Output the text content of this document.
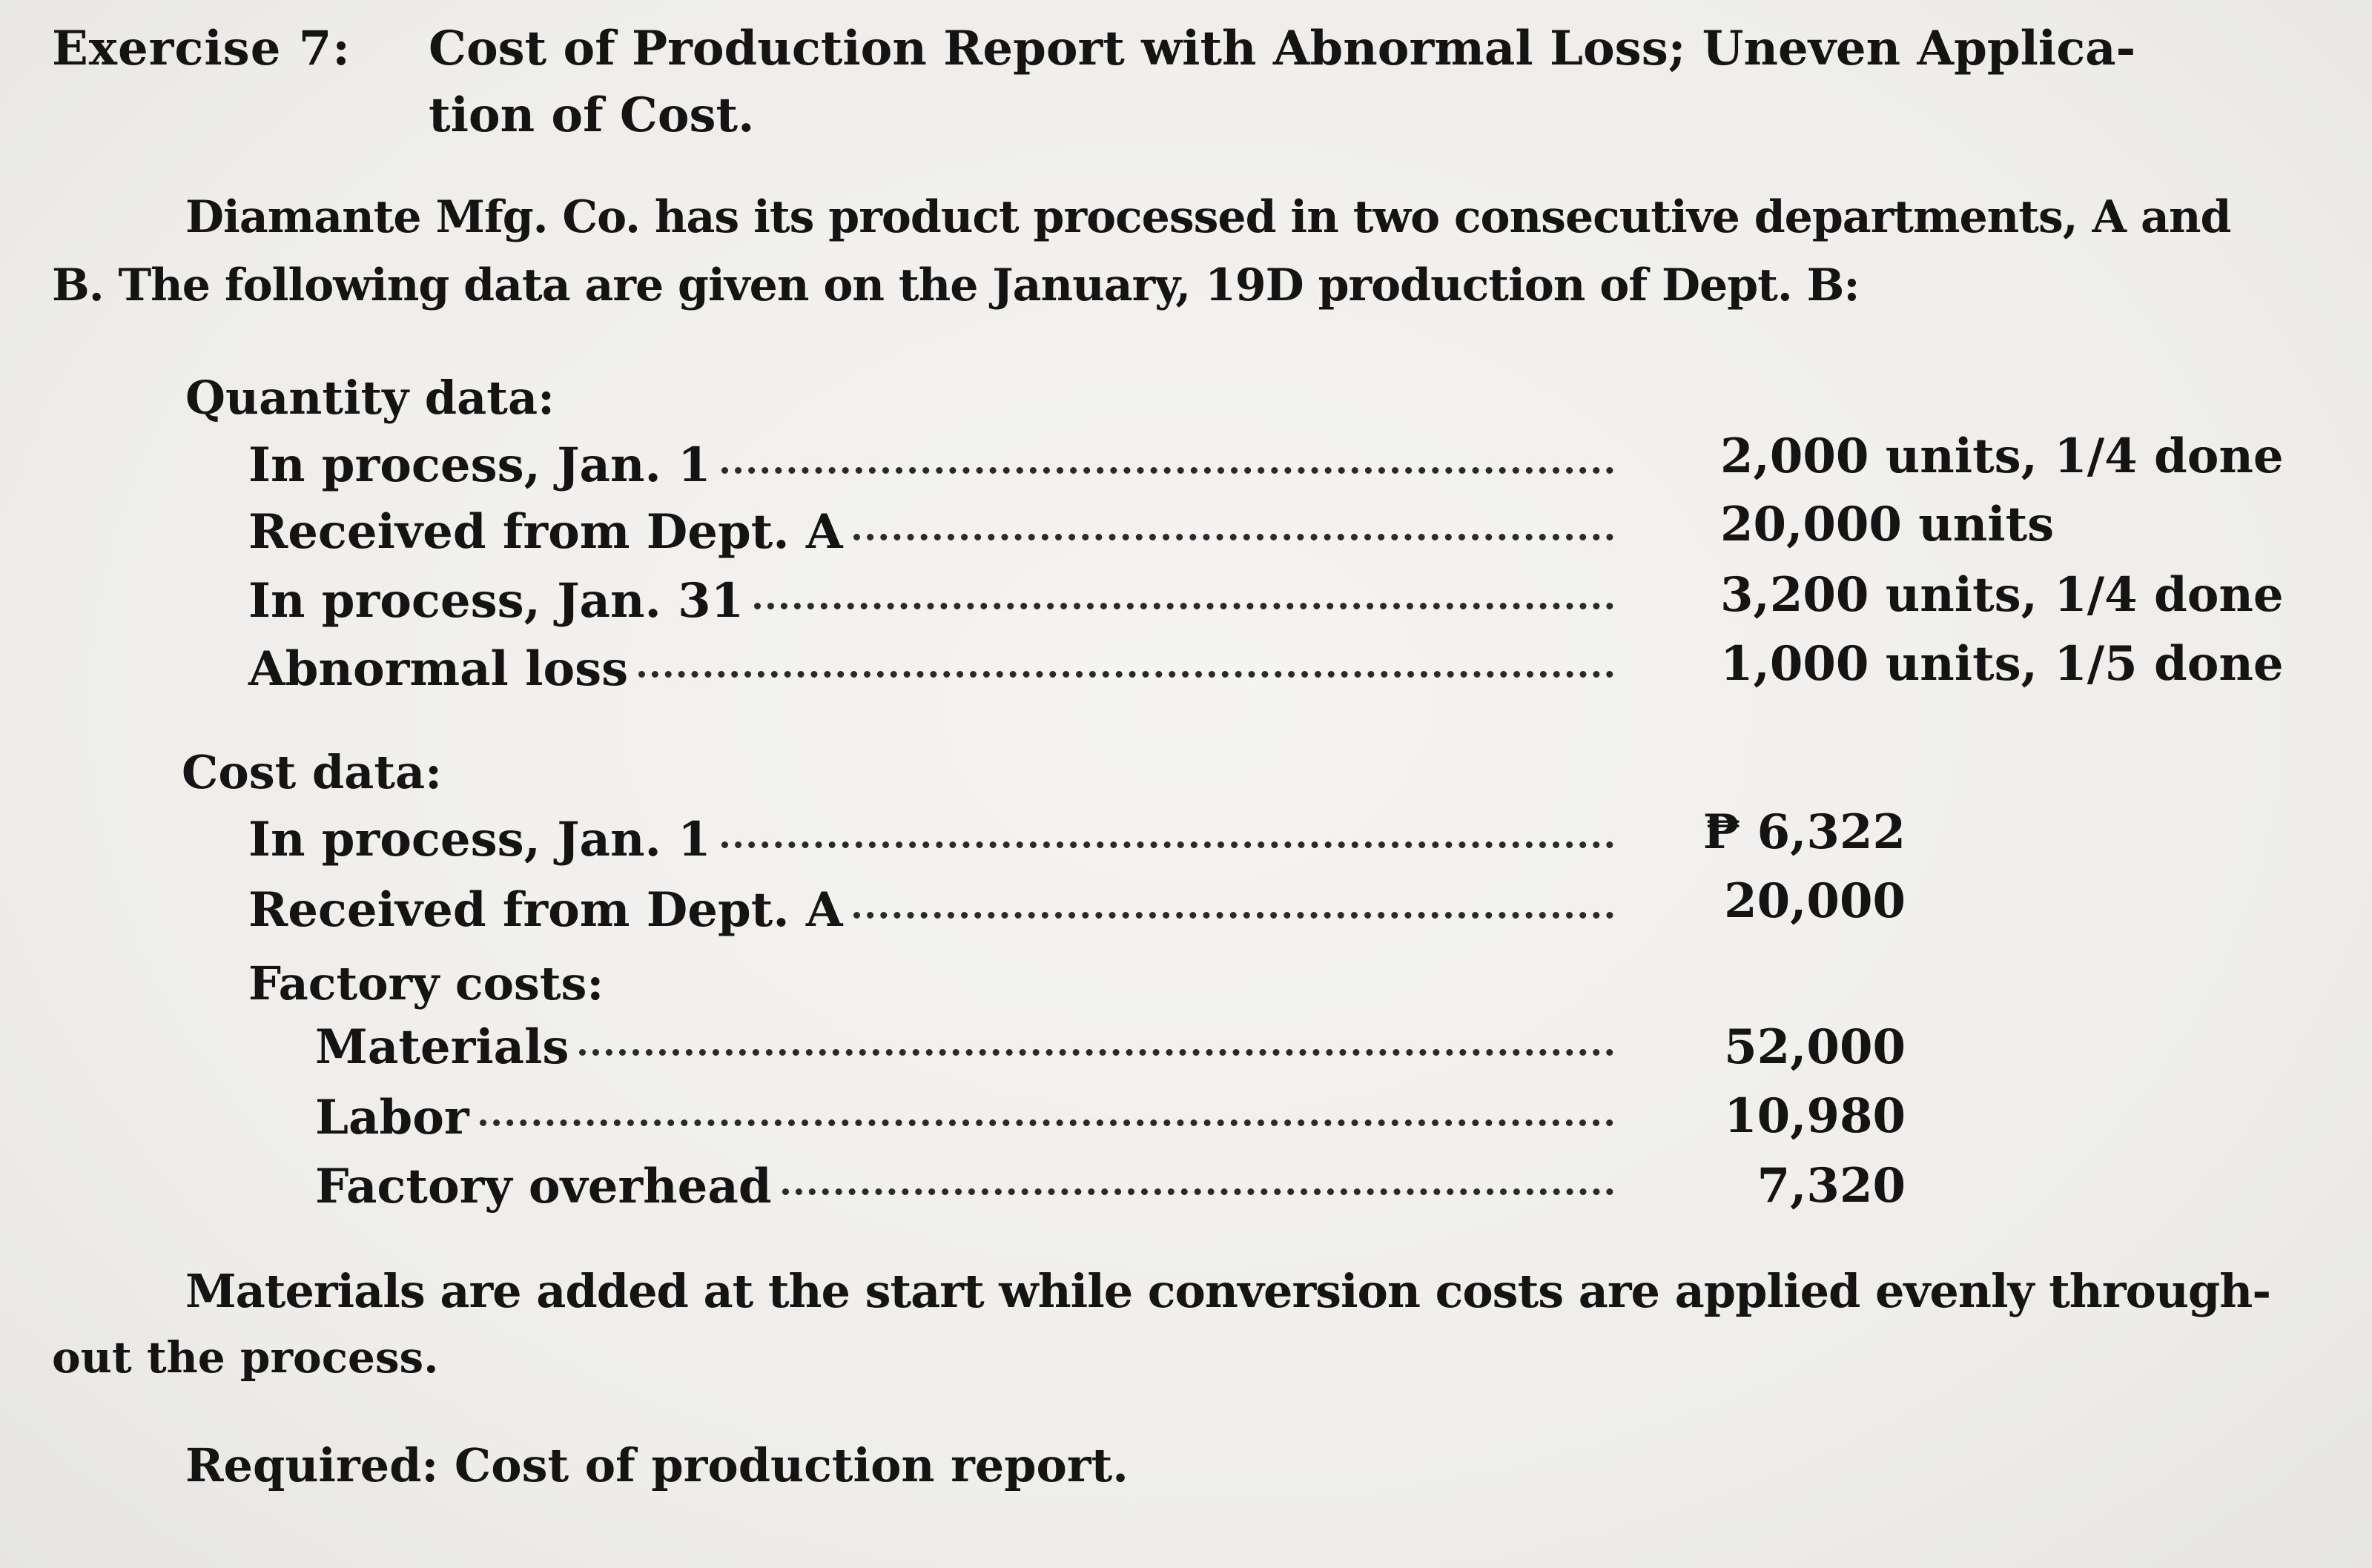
Exercise 7: Cost of Production Report with Abnormal Loss; Uneven Applica-
tion of Cost.
Diamante Mfg. Co. has its product processed in two consecutive departments, A and
B. The following data are given on the January, 19D production of Dept. B:
Quantity data:
In process, Jan. 1	2,000 units, 1/4 done
Received from Dept. A	20,000 units
In process, Jan. 31	3,200 units, 1/4 done
Abnormal loss	1,000 units, 1/5 done
Cost data:
In process, Jan. 1	₱ 6,322
Received from Dept. A	20,000
Factory costs:
Materials	52,000
Labor	10,980
Factory overhead	7,320
Materials are added at the start while conversion costs are applied evenly through-
out the process.
Required: Cost of production report.
